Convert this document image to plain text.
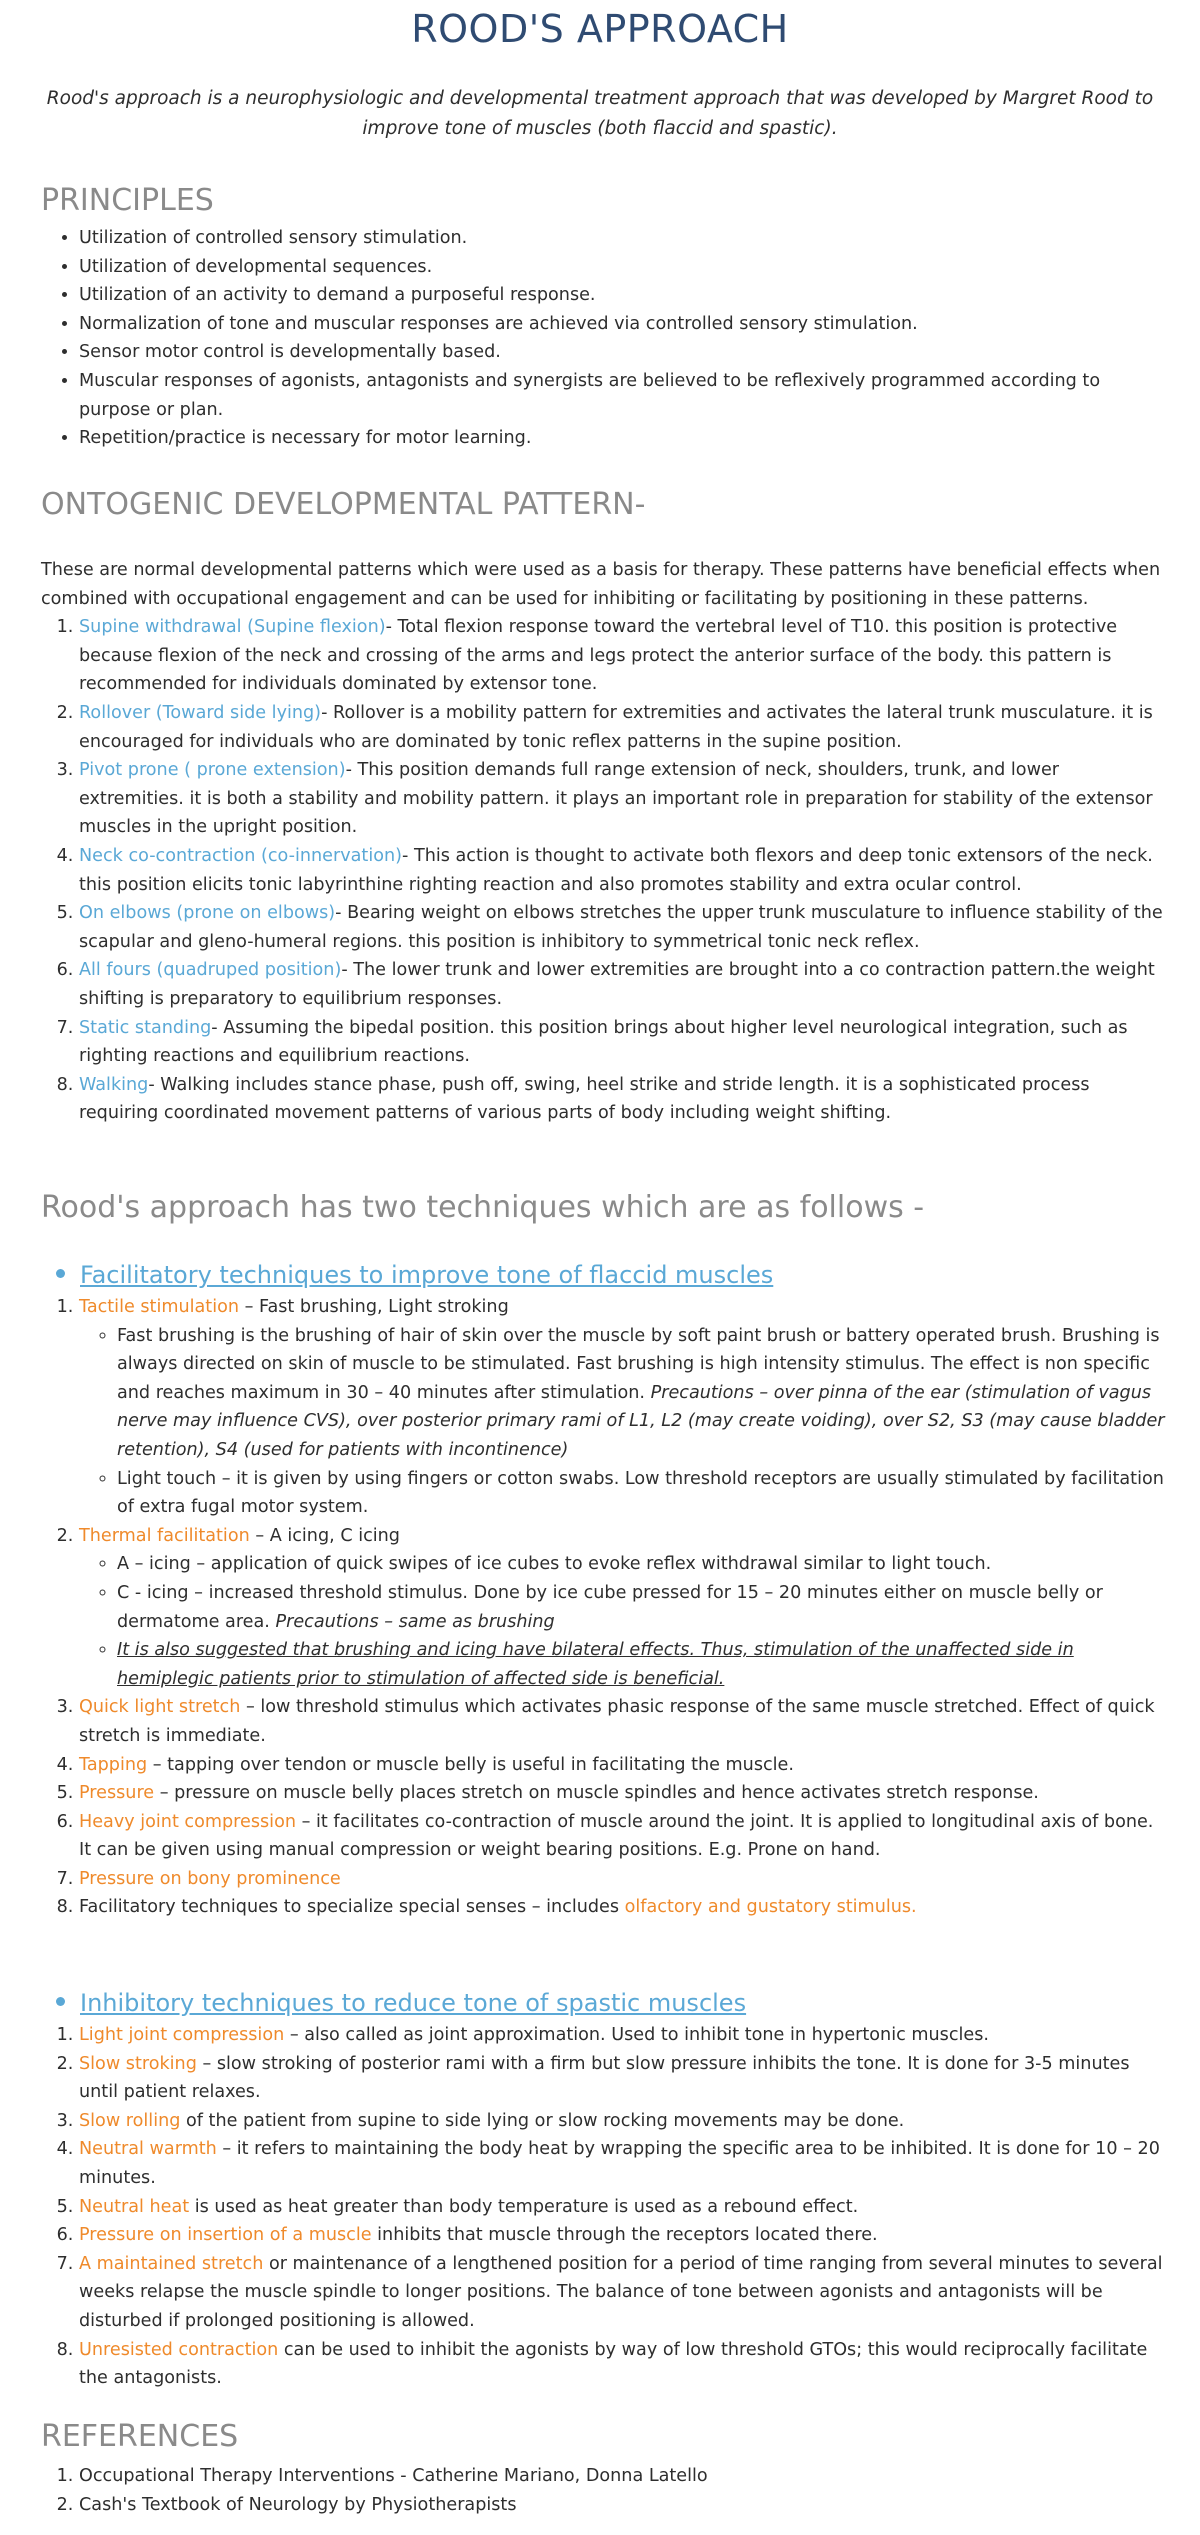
ROOD'S APPROACH
Rood's approach is a neurophysiologic and developmental treatment approach that was developed by Margret Rood to improve tone of muscles (both flaccid and spastic).
PRINCIPLES
• Utilization of controlled sensory stimulation.
• Utilization of developmental sequences.
• Utilization of an activity to demand a purposeful response.
• Normalization of tone and muscular responses are achieved via controlled sensory stimulation.
• Sensor motor control is developmentally based.
• Muscular responses of agonists, antagonists and synergists are believed to be reflexively programmed according to purpose or plan.
• Repetition/practice is necessary for motor learning.
ONTOGENIC DEVELOPMENTAL PATTERN-

These are normal developmental patterns which were used as a basis for therapy. These patterns have beneficial effects when combined with occupational engagement and can be used for inhibiting or facilitating by positioning in these patterns.

1. Supine withdrawal (Supine flexion)- Total flexion response toward the vertebral level of T10. this position is protective because flexion of the neck and crossing of the arms and legs protect the anterior surface of the body. this pattern is recommended for individuals dominated by extensor tone.
2. Rollover (Toward side lying)- Rollover is a mobility pattern for extremities and activates the lateral trunk musculature. it is encouraged for individuals who are dominated by tonic reflex patterns in the supine position.
3. Pivot prone ( prone extension)- This position demands full range extension of neck, shoulders, trunk, and lower extremities. it is both a stability and mobility pattern. it plays an important role in preparation for stability of the extensor muscles in the upright position.
4. Neck co-contraction (co-innervation)- This action is thought to activate both flexors and deep tonic extensors of the neck. this position elicits tonic labyrinthine righting reaction and also promotes stability and extra ocular control.
5. On elbows (prone on elbows)- Bearing weight on elbows stretches the upper trunk musculature to influence stability of the scapular and gleno-humeral regions. this position is inhibitory to symmetrical tonic neck reflex.
6. All fours (quadruped position)- The lower trunk and lower extremities are brought into a co contraction pattern.the weight shifting is preparatory to equilibrium responses.
7. Static standing- Assuming the bipedal position. this position brings about higher level neurological integration, such as righting reactions and equilibrium reactions.
8. Walking- Walking includes stance phase, push off, swing, heel strike and stride length. it is a sophisticated process requiring coordinated movement patterns of various parts of body including weight shifting.
Rood's approach has two techniques which are as follows -
Facilitatory techniques to improve tone of flaccid muscles
1. Tactile stimulation – Fast brushing, Light stroking
◦ Fast brushing is the brushing of hair of skin over the muscle by soft paint brush or battery operated brush. Brushing is always directed on skin of muscle to be stimulated. Fast brushing is high intensity stimulus. The effect is non specific and reaches maximum in 30 – 40 minutes after stimulation. Precautions – over pinna of the ear (stimulation of vagus nerve may influence CVS), over posterior primary rami of L1, L2 (may create voiding), over S2, S3 (may cause bladder retention), S4 (used for patients with incontinence)
◦ Light touch – it is given by using fingers or cotton swabs. Low threshold receptors are usually stimulated by facilitation of extra fugal motor system.
2. Thermal facilitation – A icing, C icing
◦ A – icing – application of quick swipes of ice cubes to evoke reflex withdrawal similar to light touch.
◦ C - icing – increased threshold stimulus. Done by ice cube pressed for 15 – 20 minutes either on muscle belly or dermatome area. Precautions – same as brushing
◦ It is also suggested that brushing and icing have bilateral effects. Thus, stimulation of the unaffected side in hemiplegic patients prior to stimulation of affected side is beneficial.
3. Quick light stretch – low threshold stimulus which activates phasic response of the same muscle stretched. Effect of quick stretch is immediate.
4. Tapping – tapping over tendon or muscle belly is useful in facilitating the muscle.
5. Pressure – pressure on muscle belly places stretch on muscle spindles and hence activates stretch response.
6. Heavy joint compression – it facilitates co-contraction of muscle around the joint. It is applied to longitudinal axis of bone. It can be given using manual compression or weight bearing positions. E.g. Prone on hand.
7. Pressure on bony prominence
8. Facilitatory techniques to specialize special senses – includes olfactory and gustatory stimulus.
Inhibitory techniques to reduce tone of spastic muscles
1. Light joint compression – also called as joint approximation. Used to inhibit tone in hypertonic muscles.
2. Slow stroking – slow stroking of posterior rami with a firm but slow pressure inhibits the tone. It is done for 3-5 minutes until patient relaxes.
3. Slow rolling of the patient from supine to side lying or slow rocking movements may be done.
4. Neutral warmth – it refers to maintaining the body heat by wrapping the specific area to be inhibited. It is done for 10 – 20 minutes.
5. Neutral heat is used as heat greater than body temperature is used as a rebound effect.
6. Pressure on insertion of a muscle inhibits that muscle through the receptors located there.
7. A maintained stretch or maintenance of a lengthened position for a period of time ranging from several minutes to several weeks relapse the muscle spindle to longer positions. The balance of tone between agonists and antagonists will be disturbed if prolonged positioning is allowed.
8. Unresisted contraction can be used to inhibit the agonists by way of low threshold GTOs; this would reciprocally facilitate the antagonists.
REFERENCES
1. Occupational Therapy Interventions - Catherine Mariano, Donna Latello
2. Cash's Textbook of Neurology by Physiotherapists
